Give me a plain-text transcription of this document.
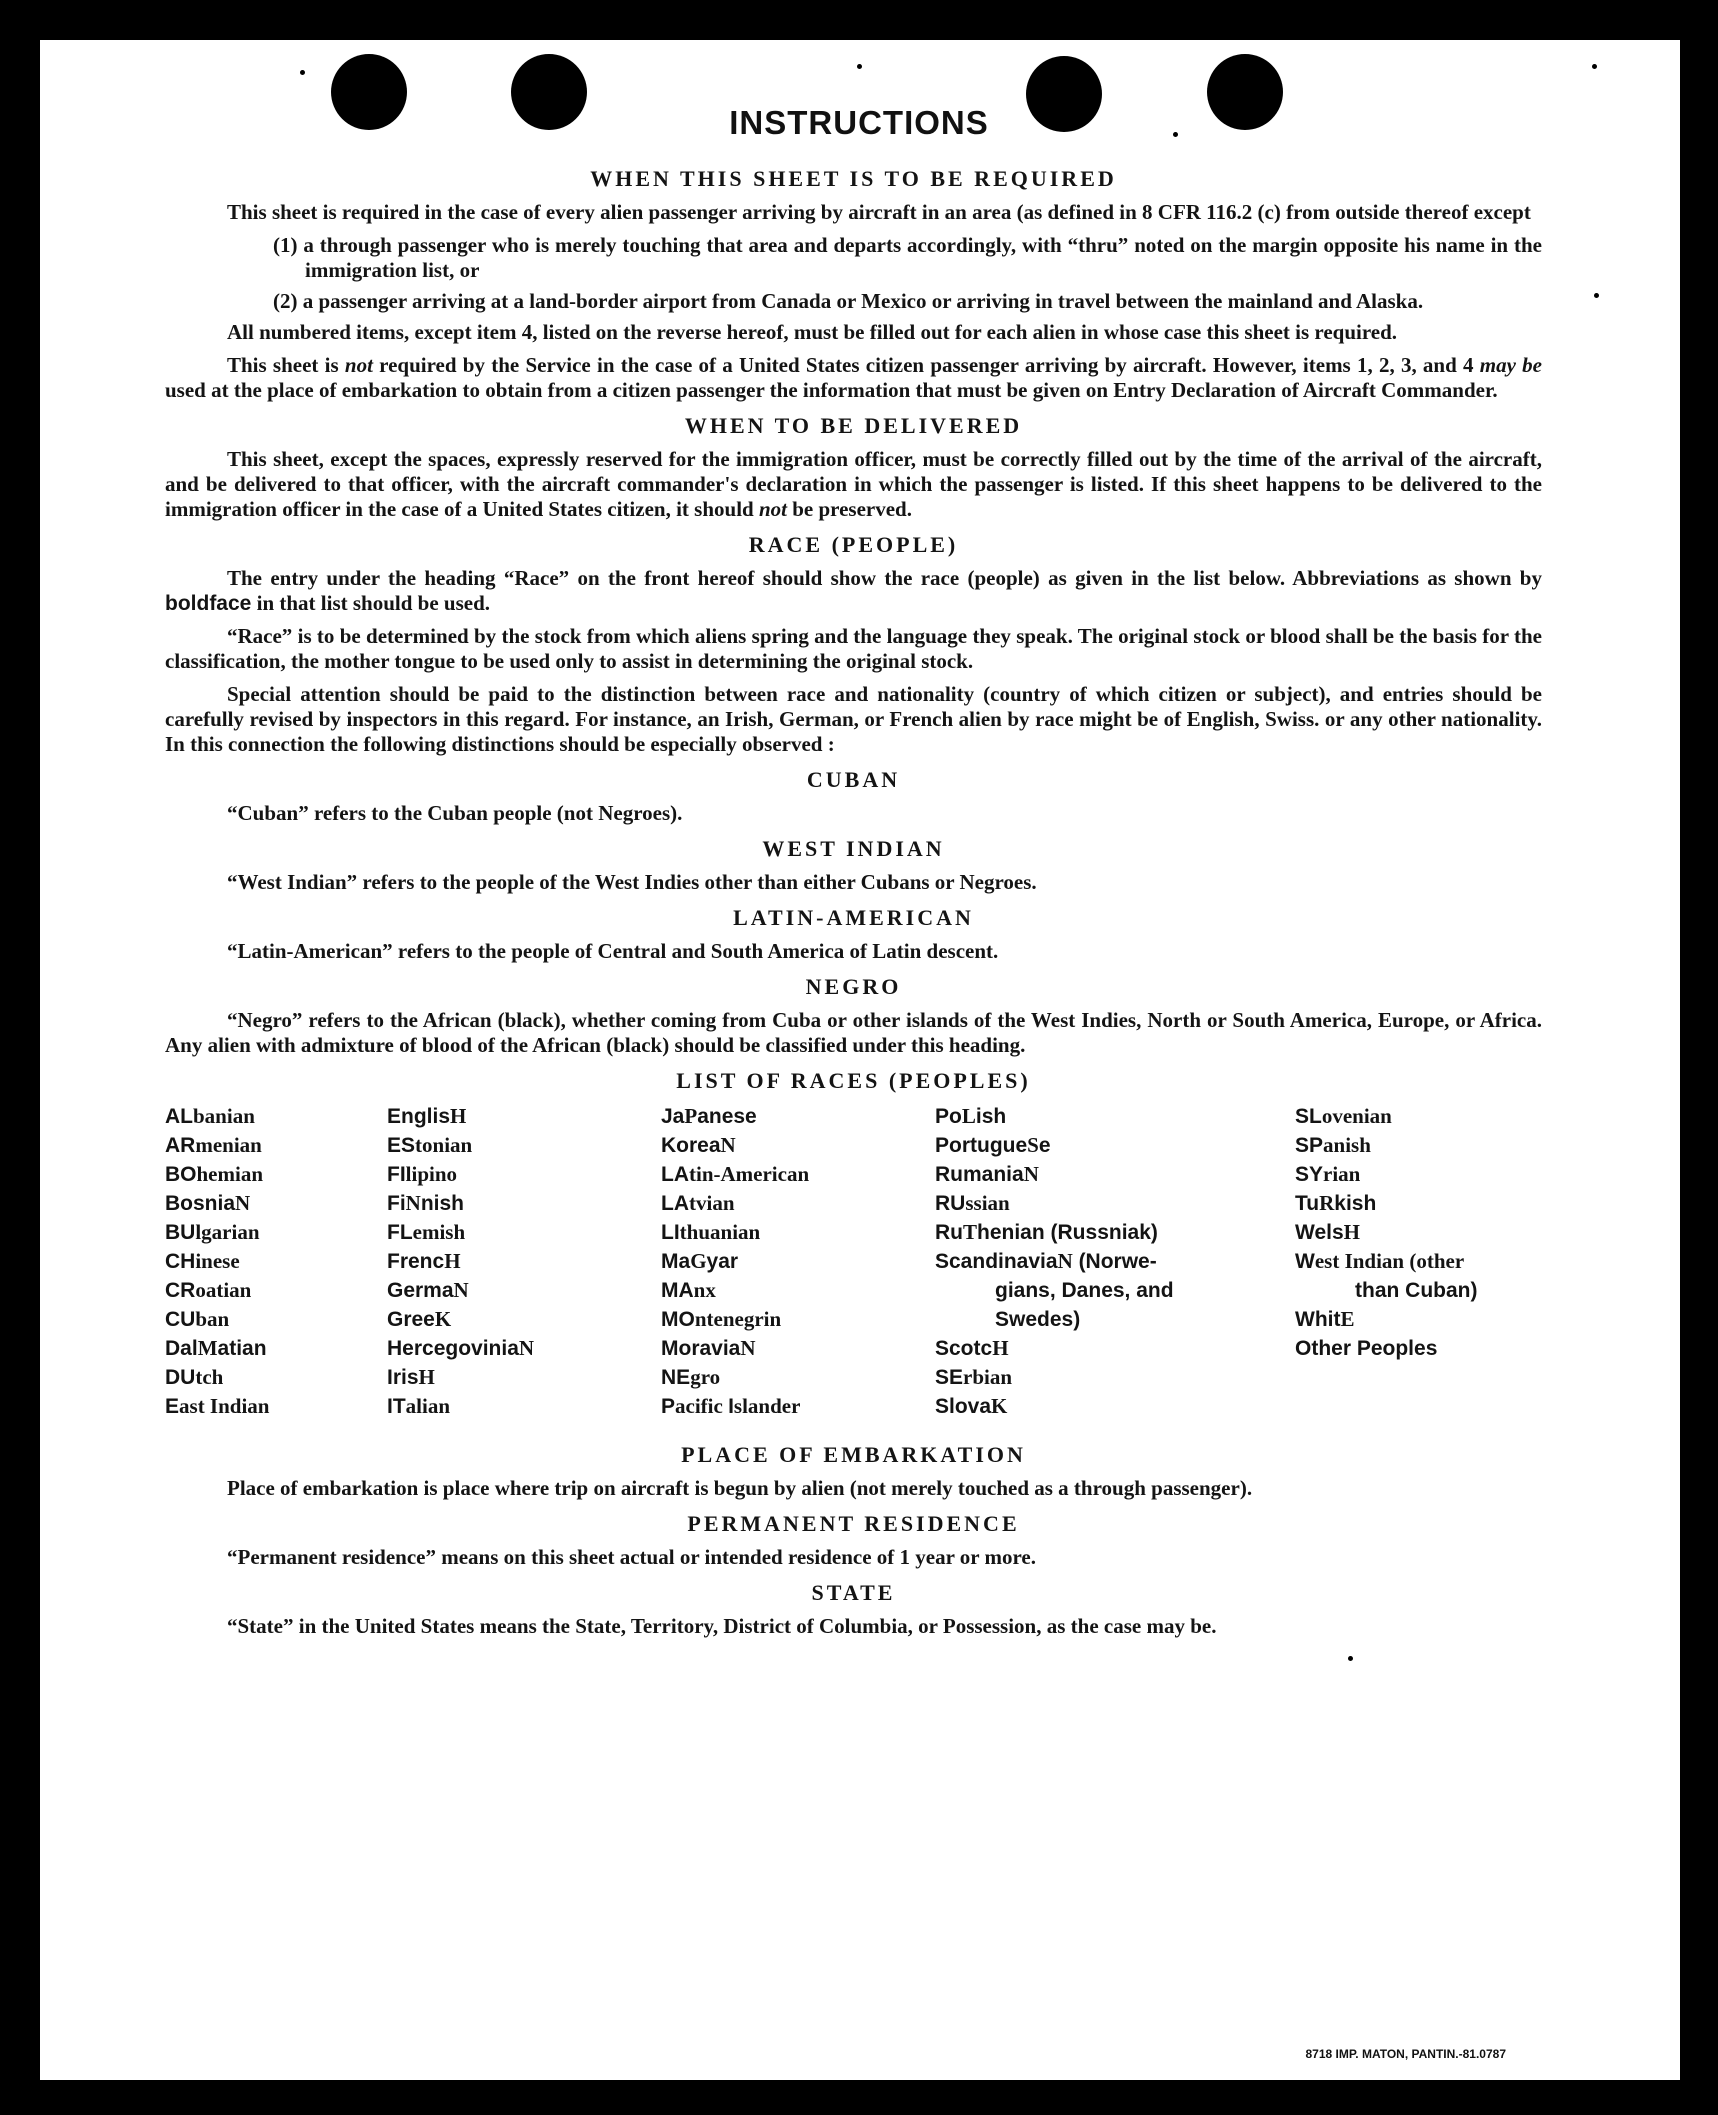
INSTRUCTIONS
WHEN THIS SHEET IS TO BE REQUIRED

This sheet is required in the case of every alien passenger arriving by aircraft in an area (as defined in 8 CFR 116.2 (c) from outside thereof except

(1) a through passenger who is merely touching that area and departs accordingly, with “thru” noted on the margin opposite his name in the immigration list, or

(2) a passenger arriving at a land-border airport from Canada or Mexico or arriving in travel between the mainland and Alaska.

All numbered items, except item 4, listed on the reverse hereof, must be filled out for each alien in whose case this sheet is required.

This sheet is not required by the Service in the case of a United States citizen passenger arriving by aircraft. However, items 1, 2, 3, and 4 may be used at the place of embarkation to obtain from a citizen passenger the information that must be given on Entry Declaration of Aircraft Commander.

WHEN TO BE DELIVERED

This sheet, except the spaces, expressly reserved for the immigration officer, must be correctly filled out by the time of the arrival of the aircraft, and be delivered to that officer, with the aircraft commander's declaration in which the passenger is listed. If this sheet happens to be delivered to the immigration officer in the case of a United States citizen, it should not be preserved.

RACE (PEOPLE)

The entry under the heading “Race” on the front hereof should show the race (people) as given in the list below. Abbreviations as shown by boldface in that list should be used.

“Race” is to be determined by the stock from which aliens spring and the language they speak. The original stock or blood shall be the basis for the classification, the mother tongue to be used only to assist in determining the original stock.

Special attention should be paid to the distinction between race and nationality (country of which citizen or subject), and entries should be carefully revised by inspectors in this regard. For instance, an Irish, German, or French alien by race might be of English, Swiss. or any other nationality. In this connection the following distinctions should be especially observed :

CUBAN

“Cuban” refers to the Cuban people (not Negroes).

WEST INDIAN

“West Indian” refers to the people of the West Indies other than either Cubans or Negroes.

LATIN-AMERICAN

“Latin-American” refers to the people of Central and South America of Latin descent.

NEGRO

“Negro” refers to the African (black), whether coming from Cuba or other islands of the West Indies, North or South America, Europe, or Africa. Any alien with admixture of blood of the African (black) should be classified under this heading.

LIST OF RACES (PEOPLES)
ALbanian
ARmenian
BOhemian
BosniaN
BUlgarian
CHinese
CRoatian
CUban
DalMatian
DUtch
East Indian
EnglisH
EStonian
FIlipino
FiNnish
FLemish
FrencH
GermaN
GreeK
HercegoviniaN
IrisH
ITalian
JaPanese
KoreaN
LAtin-American
LAtvian
LIthuanian
MaGyar
MAnx
MOntenegrin
MoraviaN
NEgro
Pacific Islander
PoLish
PortugueSe
RumaniaN
RUssian
RuThenian (Russniak)
ScandinaviaN (Norwe-
gians, Danes, and
Swedes)
ScotcH
SErbian
SlovaK
SLovenian
SPanish
SYrian
TuRkish
WelsH
West Indian (other
than Cuban)
WhitE
Other Peoples
PLACE OF EMBARKATION

Place of embarkation is place where trip on aircraft is begun by alien (not merely touched as a through passenger).

PERMANENT RESIDENCE

“Permanent residence” means on this sheet actual or intended residence of 1 year or more.

STATE

“State” in the United States means the State, Territory, District of Columbia, or Possession, as the case may be.

8718 IMP. MATON, PANTIN.-81.0787
